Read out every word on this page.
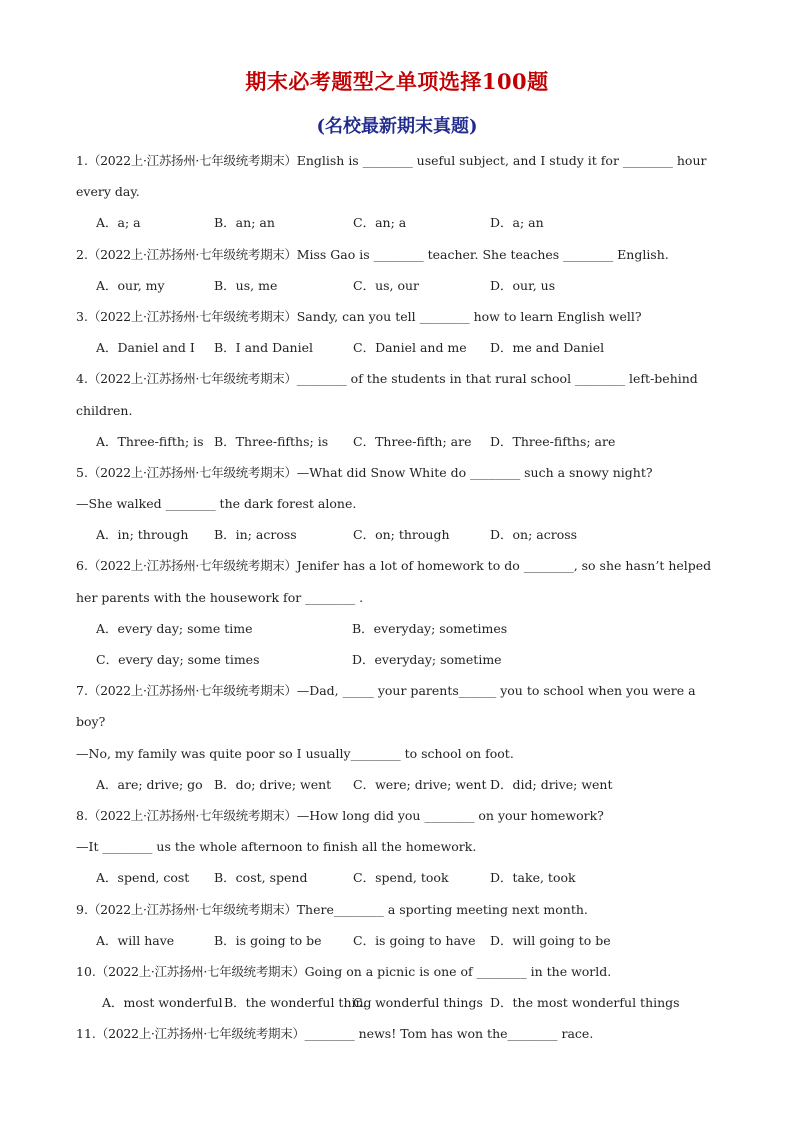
期末必考题型之单项选择100题
(名校最新期末真题)
1.（2022上·江苏扬州·七年级统考期末）English is ________ useful subject, and I study it for ________ hour
every day.
A．a; a	B．an; an	C．an; a	D．a; an
2.（2022上·江苏扬州·七年级统考期末）Miss Gao is ________ teacher. She teaches ________ English.
A．our, my	B．us, me	C．us, our	D．our, us
3.（2022上·江苏扬州·七年级统考期末）Sandy, can you tell ________ how to learn English well?
A．Daniel and I B．I and Daniel	C．Daniel and me D．me and Daniel
4.（2022上·江苏扬州·七年级统考期末）________ of the students in that rural school ________ left-behind
children.
A．Three-fifth; is B．Three-fifths; is C．Three-fifth; are D．Three-fifths; are
5.（2022上·江苏扬州·七年级统考期末）—What did Snow White do ________ such a snowy night?
—She walked ________ the dark forest alone.
A．in; through B．in; across	C．on; through	D．on; across
6.（2022上·江苏扬州·七年级统考期末）Jenifer has a lot of homework to do ________, so she hasn’t helped
her parents with the housework for ________ .
A．every day; some time	B．everyday; sometimes
C．every day; some times	D．everyday; sometime
7.（2022上·江苏扬州·七年级统考期末）—Dad, _____ your parents______ you to school when you were a
boy?
—No, my family was quite poor so I usually________ to school on foot.
A．are; drive; go B．do; drive; went C．were; drive; went D．did; drive; went
8.（2022上·江苏扬州·七年级统考期末）—How long did you ________ on your homework?
—It ________ us the whole afternoon to finish all the homework.
A．spend, cost B．cost, spend	C．spend, took	D．take, took
9.（2022上·江苏扬州·七年级统考期末）There________ a sporting meeting next month.
A．will have	B．is going to be	C．is going to have D．will going to be
10.（2022上·江苏扬州·七年级统考期末）Going on a picnic is one of ________ in the world.
A．most wonderful B．the wonderful thing
C．wonderful things D．the most wonderful things
11.（2022上·江苏扬州·七年级统考期末）________ news! Tom has won the________ race.
